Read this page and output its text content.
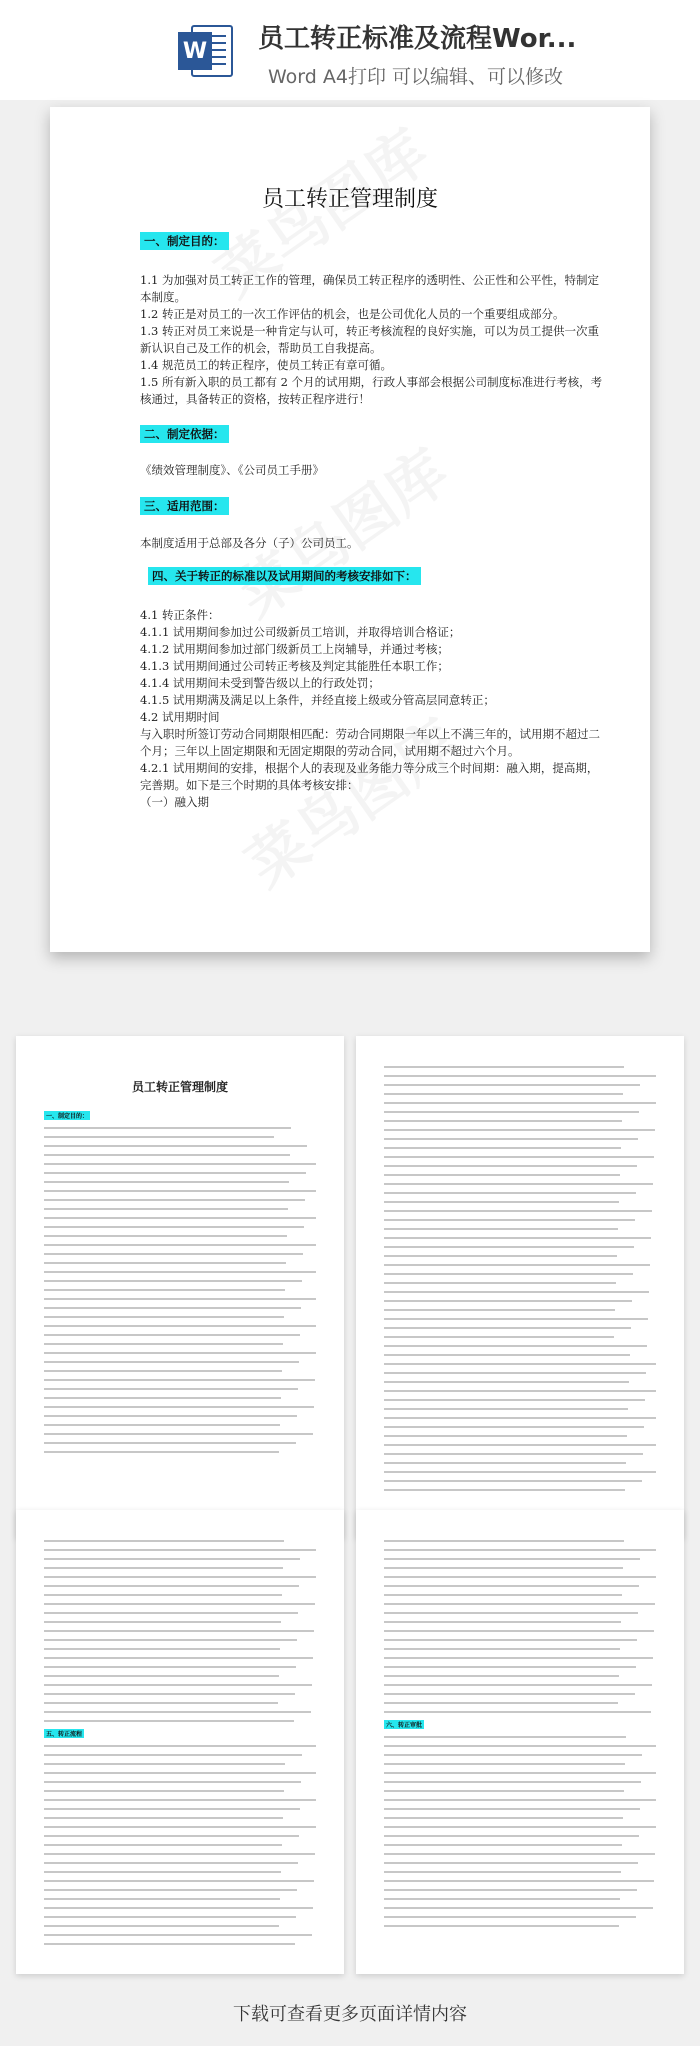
W 员工转正标准及流程Wor...
Word A4打印 可以编辑、可以修改
员工转正管理制度
一、制定目的：
1.1 为加强对员工转正工作的管理，确保员工转正程序的透明性、公正性和公平性，特制定
本制度。
1.2 转正是对员工的一次工作评估的机会，也是公司优化人员的一个重要组成部分。
1.3 转正对员工来说是一种肯定与认可，转正考核流程的良好实施，可以为员工提供一次重
新认识自己及工作的机会，帮助员工自我提高。
1.4 规范员工的转正程序，使员工转正有章可循。
1.5 所有新入职的员工都有 2 个月的试用期，行政人事部会根据公司制度标准进行考核，考
核通过，具备转正的资格，按转正程序进行！
二、制定依据：
《绩效管理制度》、《公司员工手册》
三、适用范围：
本制度适用于总部及各分（子）公司员工。
四、关于转正的标准以及试用期间的考核安排如下：
4.1 转正条件：
4.1.1 试用期间参加过公司级新员工培训，并取得培训合格证；
4.1.2 试用期间参加过部门级新员工上岗辅导，并通过考核；
4.1.3 试用期间通过公司转正考核及判定其能胜任本职工作；
4.1.4 试用期间未受到警告级以上的行政处罚；
4.1.5 试用期满及满足以上条件，并经直接上级或分管高层同意转正；
4.2 试用期时间
与入职时所签订劳动合同期限相匹配：劳动合同期限一年以上不满三年的，试用期不超过二
个月；三年以上固定期限和无固定期限的劳动合同，试用期不超过六个月。
4.2.1 试用期间的安排，根据个人的表现及业务能力等分成三个时间期：融入期，提高期，
完善期。如下是三个时期的具体考核安排：
（一）融入期
员工转正管理制度
一、制定目的：
五、转正流程
六、转正审批
下载可查看更多页面详情内容
